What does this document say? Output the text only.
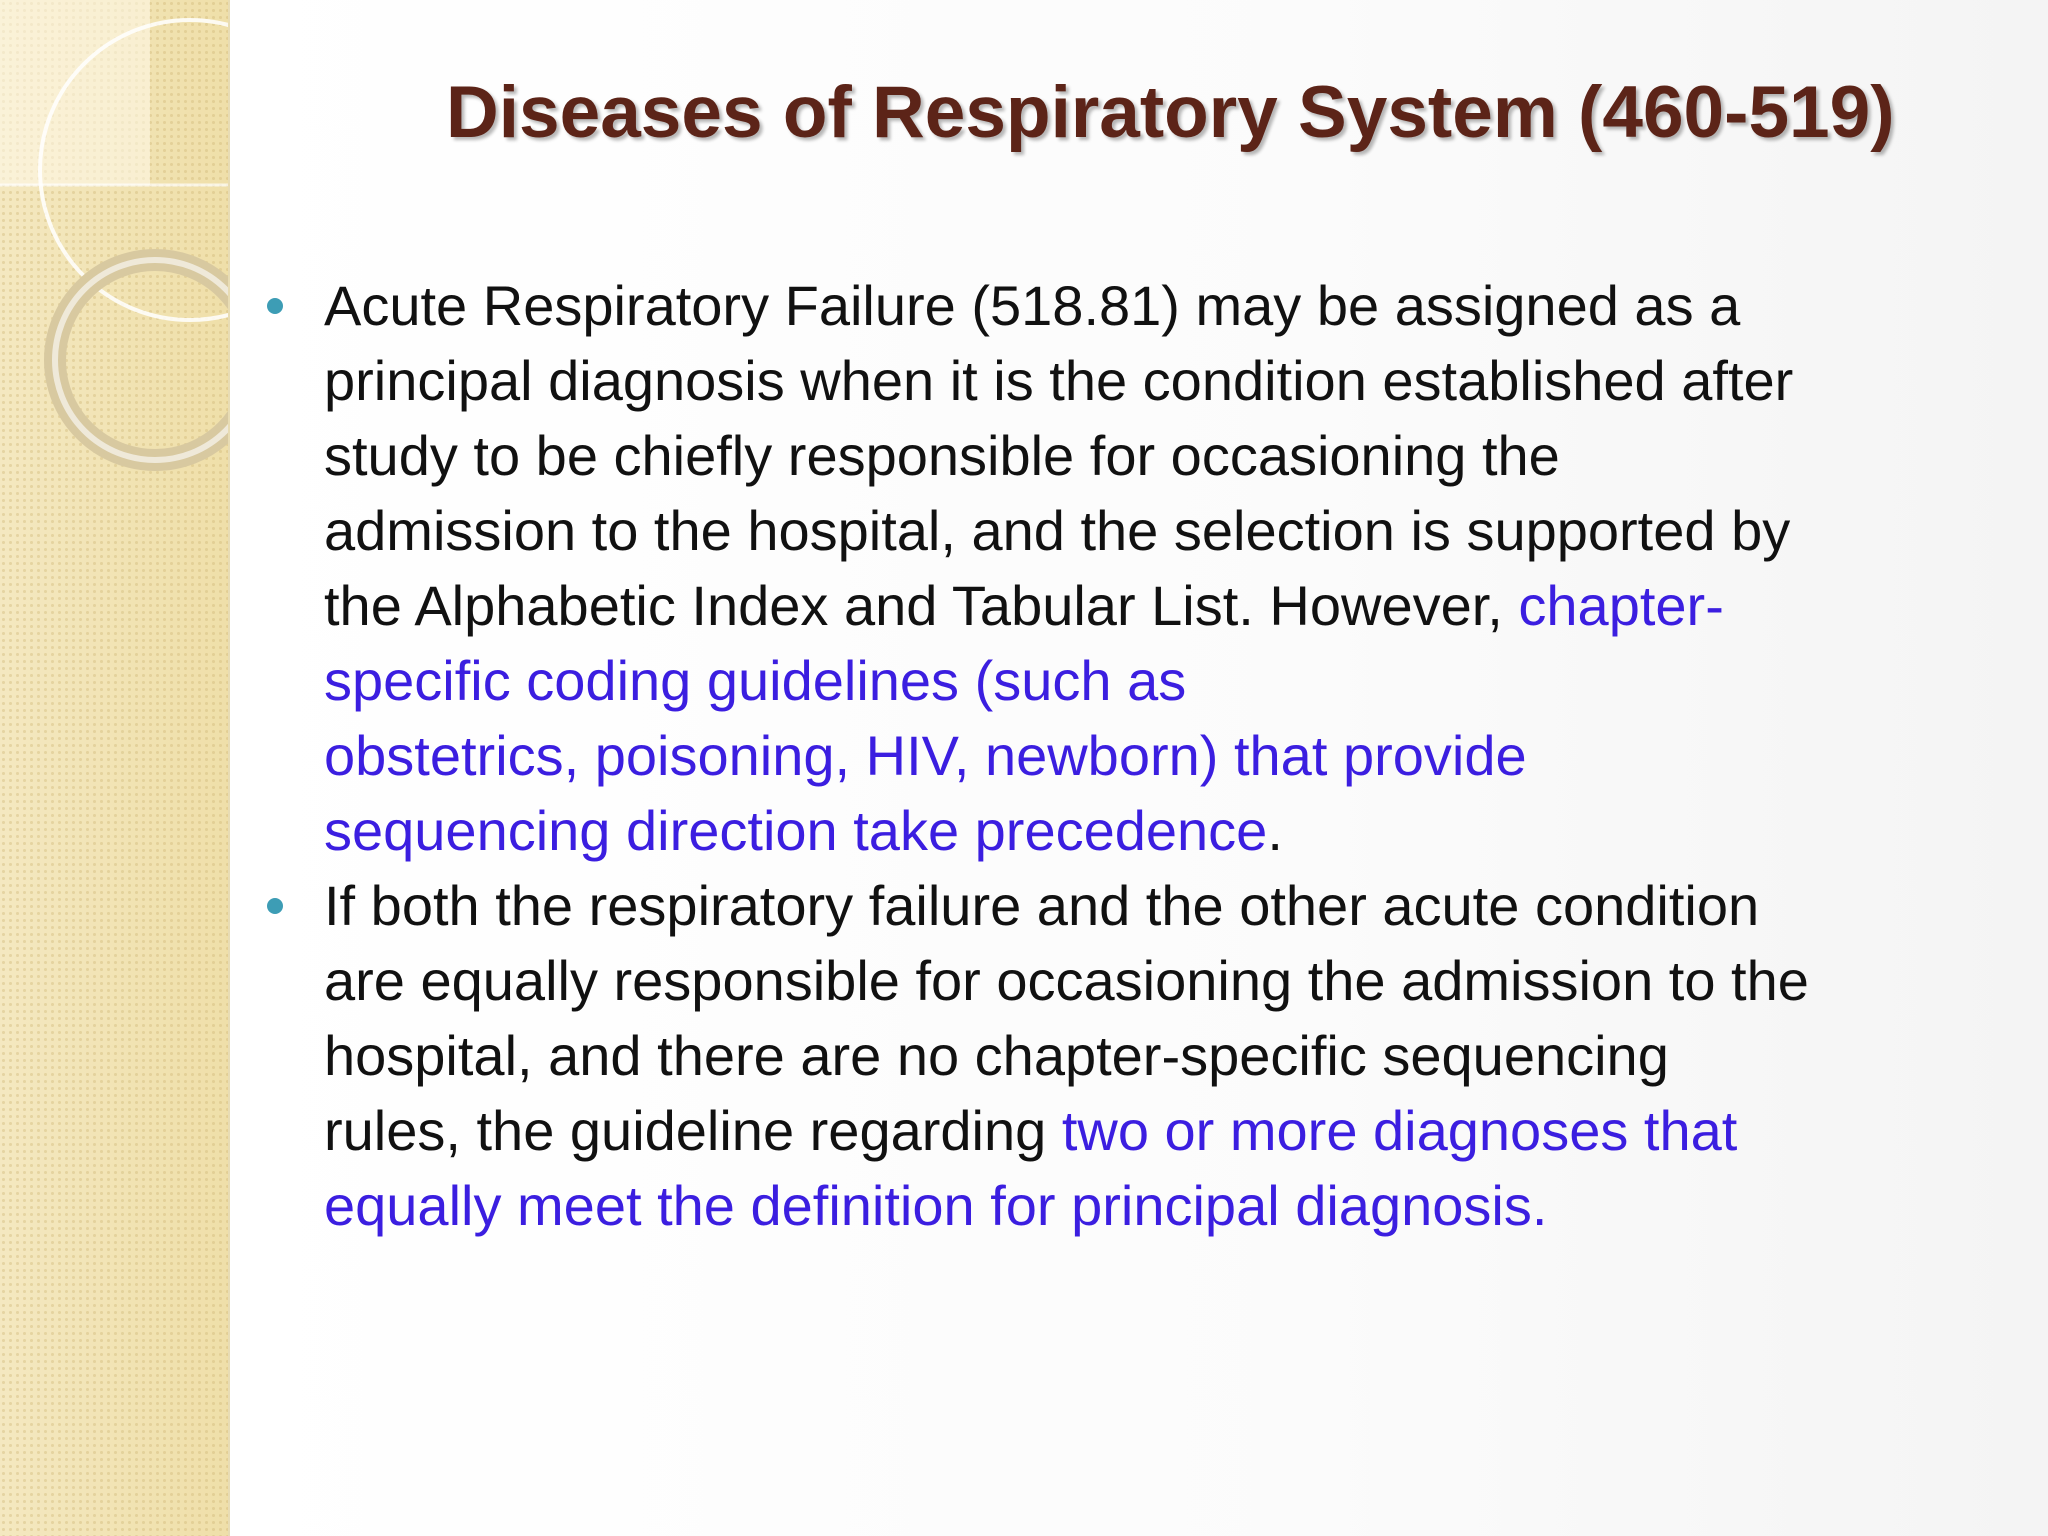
Diseases of Respiratory System (460-519)
Acute Respiratory Failure (518.81) may be assigned as a
principal diagnosis when it is the condition established after
study to be chiefly responsible for occasioning the
admission to the hospital, and the selection is supported by
the Alphabetic Index and Tabular List. However, chapter-
specific coding guidelines (such as
obstetrics, poisoning, HIV, newborn) that provide
sequencing direction take precedence.
If both the respiratory failure and the other acute condition
are equally responsible for occasioning the admission to the
hospital, and there are no chapter-specific sequencing
rules, the guideline regarding two or more diagnoses that
equally meet the definition for principal diagnosis.
